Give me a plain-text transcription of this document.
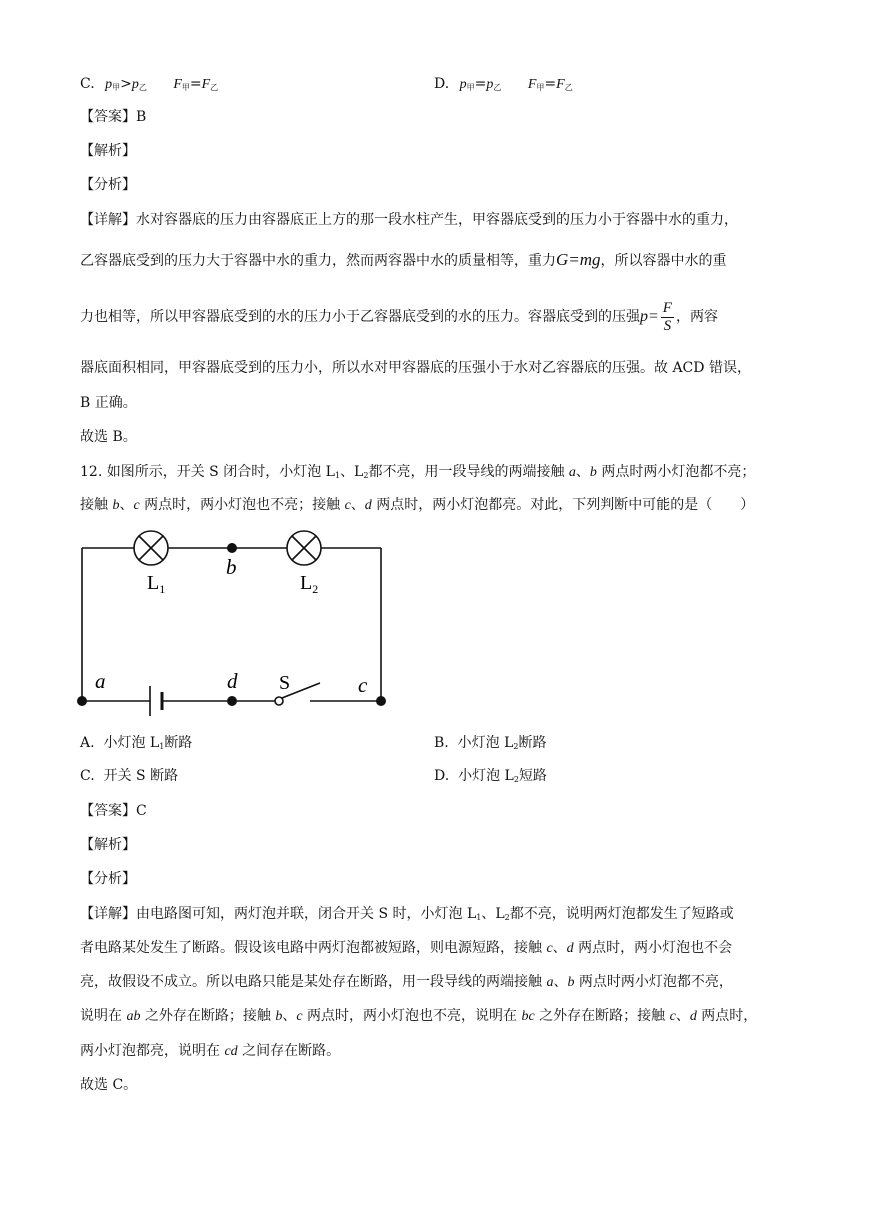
C. $p_甲>p_乙$ $F_甲=F_乙$	D. $p_甲=p_乙$ $F_甲=F_乙$
【答案】B
【解析】
【分析】
【详解】水对容器底的压力由容器底正上方的那一段水柱产生，甲容器底受到的压力小于容器中水的重力，
乙容器底受到的压力大于容器中水的重力，然而两容器中水的质量相等，重力G=mg，所以容器中水的重
力也相等，所以甲容器底受到的水的压力小于乙容器底受到的水的压力。容器底受到的压强$p= \frac{F}{S}$ ，两容
器底面积相同，甲容器底受到的压力小，所以水对甲容器底的压强小于水对乙容器底的压强。故 ACD 错误，
B 正确。
故选 B。
12. 如图所示，开关 S 闭合时，小灯泡 $L_1$、$L_2$都不亮，用一段导线的两端接触 a、b 两点时两小灯泡都不亮；
接触 b、c 两点时，两小灯泡也不亮；接触 c、d 两点时，两小灯泡都亮。对此，下列判断中可能的是（　　）
$L_1$	$L_2$
b
a	d S	c
A. 小灯泡 $L_1$断路	B. 小灯泡 $L_2$断路
C. 开关 S 断路	D. 小灯泡 $L_2$短路
【答案】C
【解析】
【分析】
【详解】由电路图可知，两灯泡并联，闭合开关 S 时，小灯泡 $L_1$、$L_2$都不亮，说明两灯泡都发生了短路或
者电路某处发生了断路。假设该电路中两灯泡都被短路，则电源短路，接触 c、d 两点时，两小灯泡也不会
亮，故假设不成立。所以电路只能是某处存在断路，用一段导线的两端接触 a、b 两点时两小灯泡都不亮，
说明在 ab 之外存在断路；接触 b、c 两点时，两小灯泡也不亮，说明在 bc 之外存在断路；接触 c、d 两点时，
两小灯泡都亮，说明在 cd 之间存在断路。
故选 C。
